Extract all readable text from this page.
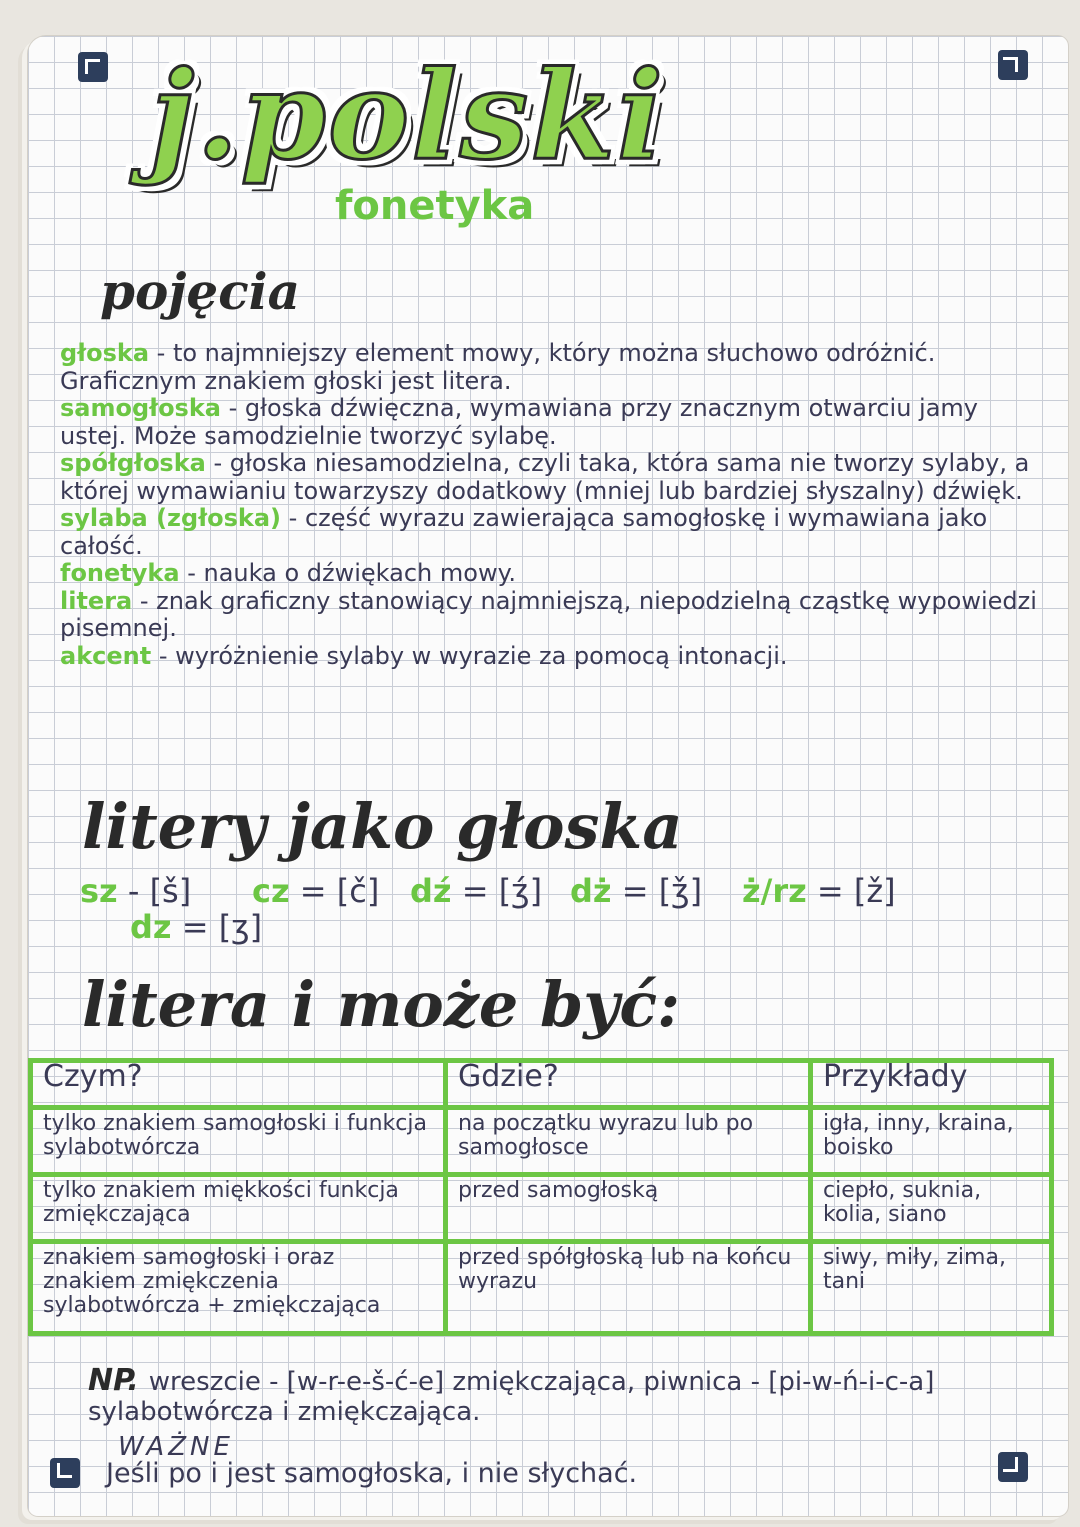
j.polski
fonetyka
pojęcia

głoska - to najmniejszy element mowy, który można słuchowo odróżnić. Graficznym znakiem głoski jest litera.

samogłoska - głoska dźwięczna, wymawiana przy znacznym otwarciu jamy ustej. Może samodzielnie tworzyć sylabę.

spółgłoska - głoska niesamodzielna, czyli taka, która sama nie tworzy sylaby, a której wymawianiu towarzyszy dodatkowy (mniej lub bardziej słyszalny) dźwięk.

sylaba (zgłoska) - część wyrazu zawierająca samogłoskę i wymawiana jako całość.

fonetyka - nauka o dźwiękach mowy.

litera - znak graficzny stanowiący najmniejszą, niepodzielną cząstkę wypowiedzi pisemnej.

akcent - wyróżnienie sylaby w wyrazie za pomocą intonacji.

litery jako głoska
sz - [š] cz = [č] dź = [ʒ́] dż = [ǯ] ż/rz = [ž]
dz = [ʒ]
litera i może być:
Czym?	Gdzie?	Przykłady
tylko znakiem samogłoski i funkcja sylabotwórcza	na początku wyrazu lub po samogłosce	igła, inny, kraina, boisko
tylko znakiem miękkości funkcja zmiękczająca	przed samogłoską	ciepło, suknia, kolia, siano
znakiem samogłoski i oraz znakiem zmiękczenia sylabotwórcza + zmiękczająca	przed spółgłoską lub na końcu wyrazu	siwy, miły, zima, tani
NP. wreszcie - [w-r-e-š-ć-e] zmiękczająca, piwnica - [pi-w-ń-i-c-a] sylabotwórcza i zmiękczająca.
WAŻNE
Jeśli po i jest samogłoska, i nie słychać.
